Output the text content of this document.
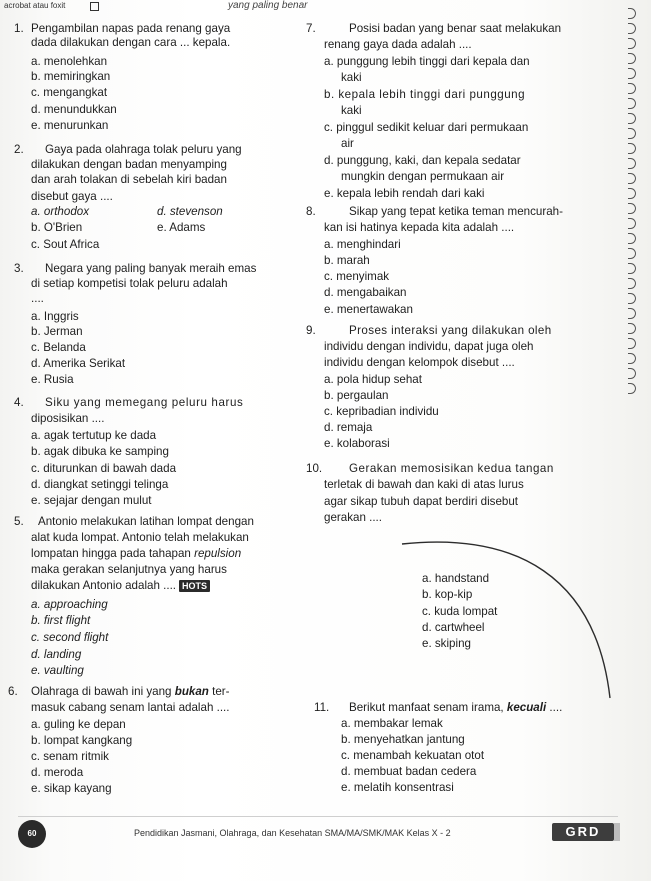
acrobat atau foxit	yang paling benar
1. Pengambilan napas pada renang gaya
dada dilakukan dengan cara ... kepala.
a. menolehkan
b. memiringkan
c. mengangkat
d. menundukkan
e. menurunkan
2. Gaya pada olahraga tolak peluru yang
dilakukan dengan badan menyamping
dan arah tolakan di sebelah kiri badan
disebut gaya ....
a. orthodox	d. stevenson
b. O'Brien	e. Adams
c. Sout Africa
3. Negara yang paling banyak meraih emas
di setiap kompetisi tolak peluru adalah
....
a. Inggris
b. Jerman
c. Belanda
d. Amerika Serikat
e. Rusia
4. Siku yang memegang peluru harus
diposisikan ....
a. agak tertutup ke dada
b. agak dibuka ke samping
c. diturunkan di bawah dada
d. diangkat setinggi telinga
e. sejajar dengan mulut
5. Antonio melakukan latihan lompat dengan
alat kuda lompat. Antonio telah melakukan
lompatan hingga pada tahapan repulsion
maka gerakan selanjutnya yang harus
dilakukan Antonio adalah .... HOTS
a. approaching
b. first flight
c. second flight
d. landing
e. vaulting
6. Olahraga di bawah ini yang bukan ter-
masuk cabang senam lantai adalah ....
a. guling ke depan
b. lompat kangkang
c. senam ritmik
d. meroda
e. sikap kayang
7.	Posisi badan yang benar saat melakukan
renang gaya dada adalah ....
a. punggung lebih tinggi dari kepala dan
kaki
b. kepala lebih tinggi dari punggung
kaki
c. pinggul sedikit keluar dari permukaan
air
d. punggung, kaki, dan kepala sedatar
mungkin dengan permukaan air
e. kepala lebih rendah dari kaki
8.	Sikap yang tepat ketika teman mencurah-
kan isi hatinya kepada kita adalah ....
a. menghindari
b. marah
c. menyimak
d. mengabaikan
e. menertawakan
9.	Proses interaksi yang dilakukan oleh
individu dengan individu, dapat juga oleh
individu dengan kelompok disebut ....
a. pola hidup sehat
b. pergaulan
c. kepribadian individu
d. remaja
e. kolaborasi
10. Gerakan memosisikan kedua tangan
terletak di bawah dan kaki di atas lurus
agar sikap tubuh dapat berdiri disebut
gerakan ....
a. handstand
b. kop-kip
c. kuda lompat
d. cartwheel
e. skiping
11. Berikut manfaat senam irama, kecuali ....
a. membakar lemak
b. menyehatkan jantung
c. menambah kekuatan otot
d. membuat badan cedera
e. melatih konsentrasi
60	Pendidikan Jasmani, Olahraga, dan Kesehatan SMA/MA/SMK/MAK Kelas X - 2	GRD
